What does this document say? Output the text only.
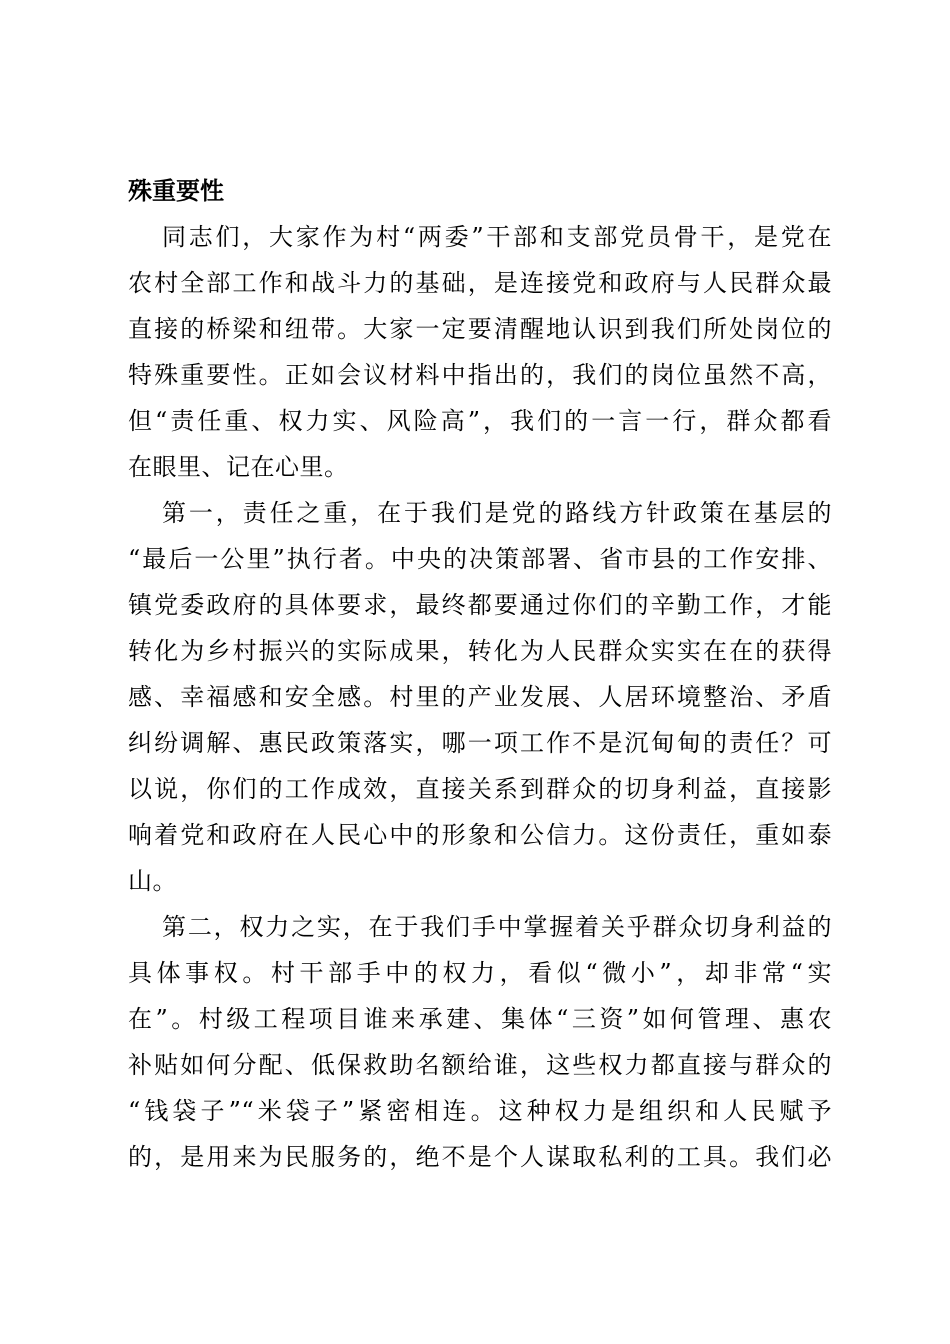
殊重要性
同志们，大家作为村“两委”干部和支部党员骨干，是党在
农村全部工作和战斗力的基础，是连接党和政府与人民群众最
直接的桥梁和纽带。大家一定要清醒地认识到我们所处岗位的
特殊重要性。正如会议材料中指出的，我们的岗位虽然不高，
但“责任重、权力实、风险高”，我们的一言一行，群众都看
在眼里、记在心里。
第一，责任之重，在于我们是党的路线方针政策在基层的
“最后一公里”执行者。中央的决策部署、省市县的工作安排、
镇党委政府的具体要求，最终都要通过你们的辛勤工作，才能
转化为乡村振兴的实际成果，转化为人民群众实实在在的获得
感、幸福感和安全感。村里的产业发展、人居环境整治、矛盾
纠纷调解、惠民政策落实，哪一项工作不是沉甸甸的责任？可
以说，你们的工作成效，直接关系到群众的切身利益，直接影
响着党和政府在人民心中的形象和公信力。这份责任，重如泰
山。
第二，权力之实，在于我们手中掌握着关乎群众切身利益的
具体事权。村干部手中的权力，看似“微小”，却非常“实
在”。村级工程项目谁来承建、集体“三资”如何管理、惠农
补贴如何分配、低保救助名额给谁，这些权力都直接与群众的
“钱袋子”“米袋子”紧密相连。这种权力是组织和人民赋予
的，是用来为民服务的，绝不是个人谋取私利的工具。我们必
